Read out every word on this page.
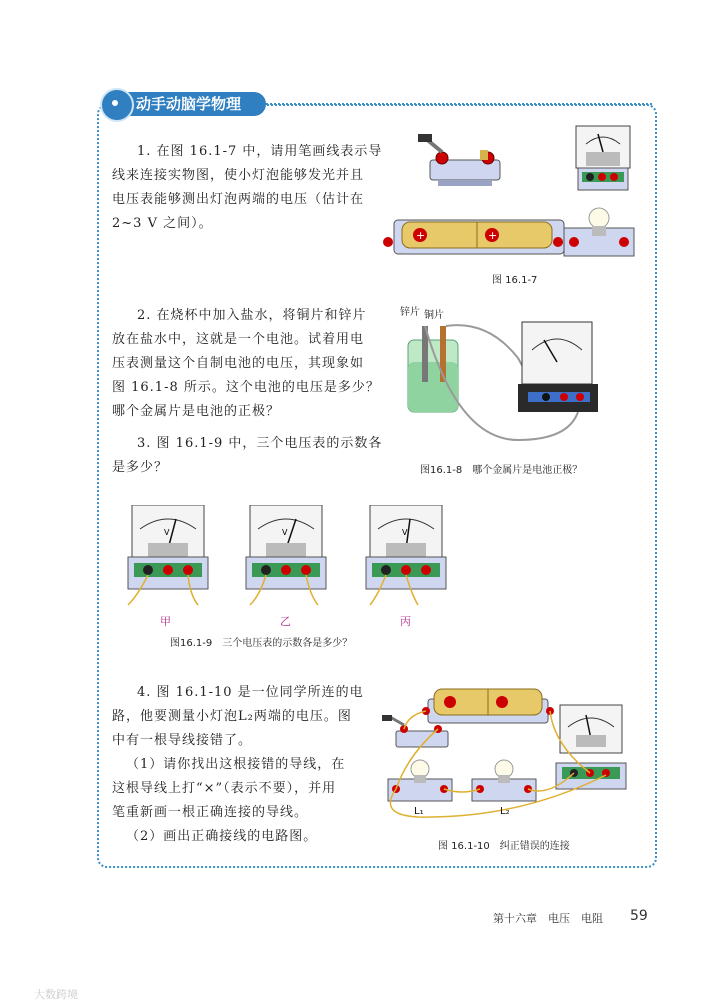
动手动脑学物理
1. 在图 16.1-7 中，请用笔画线表示导
线来连接实物图，使小灯泡能够发光并且
电压表能够测出灯泡两端的电压（估计在
2~3 V 之间）。
+	+
图 16.1-7
2. 在烧杯中加入盐水，将铜片和锌片
放在盐水中，这就是一个电池。试着用电
压表测量这个自制电池的电压，其现象如
图 16.1-8 所示。这个电池的电压是多少？
哪个金属片是电池的正极？
锌片 铜片
图16.1-8　哪个金属片是电池正极？
3. 图 16.1-9 中，三个电压表的示数各
是多少？
V	V	V
甲	乙	丙
图16.1-9　三个电压表的示数各是多少？
4. 图 16.1-10 是一位同学所连的电
路，他要测量小灯泡L₂两端的电压。图
中有一根导线接错了。
（1）请你找出这根接错的导线，在
这根导线上打“×”（表示不要），并用
笔重新画一根正确连接的导线。
（2）画出正确接线的电路图。
L₁	L₂
图 16.1-10　纠正错误的连接
第十六章　电压　电阻 59
大数跨境
